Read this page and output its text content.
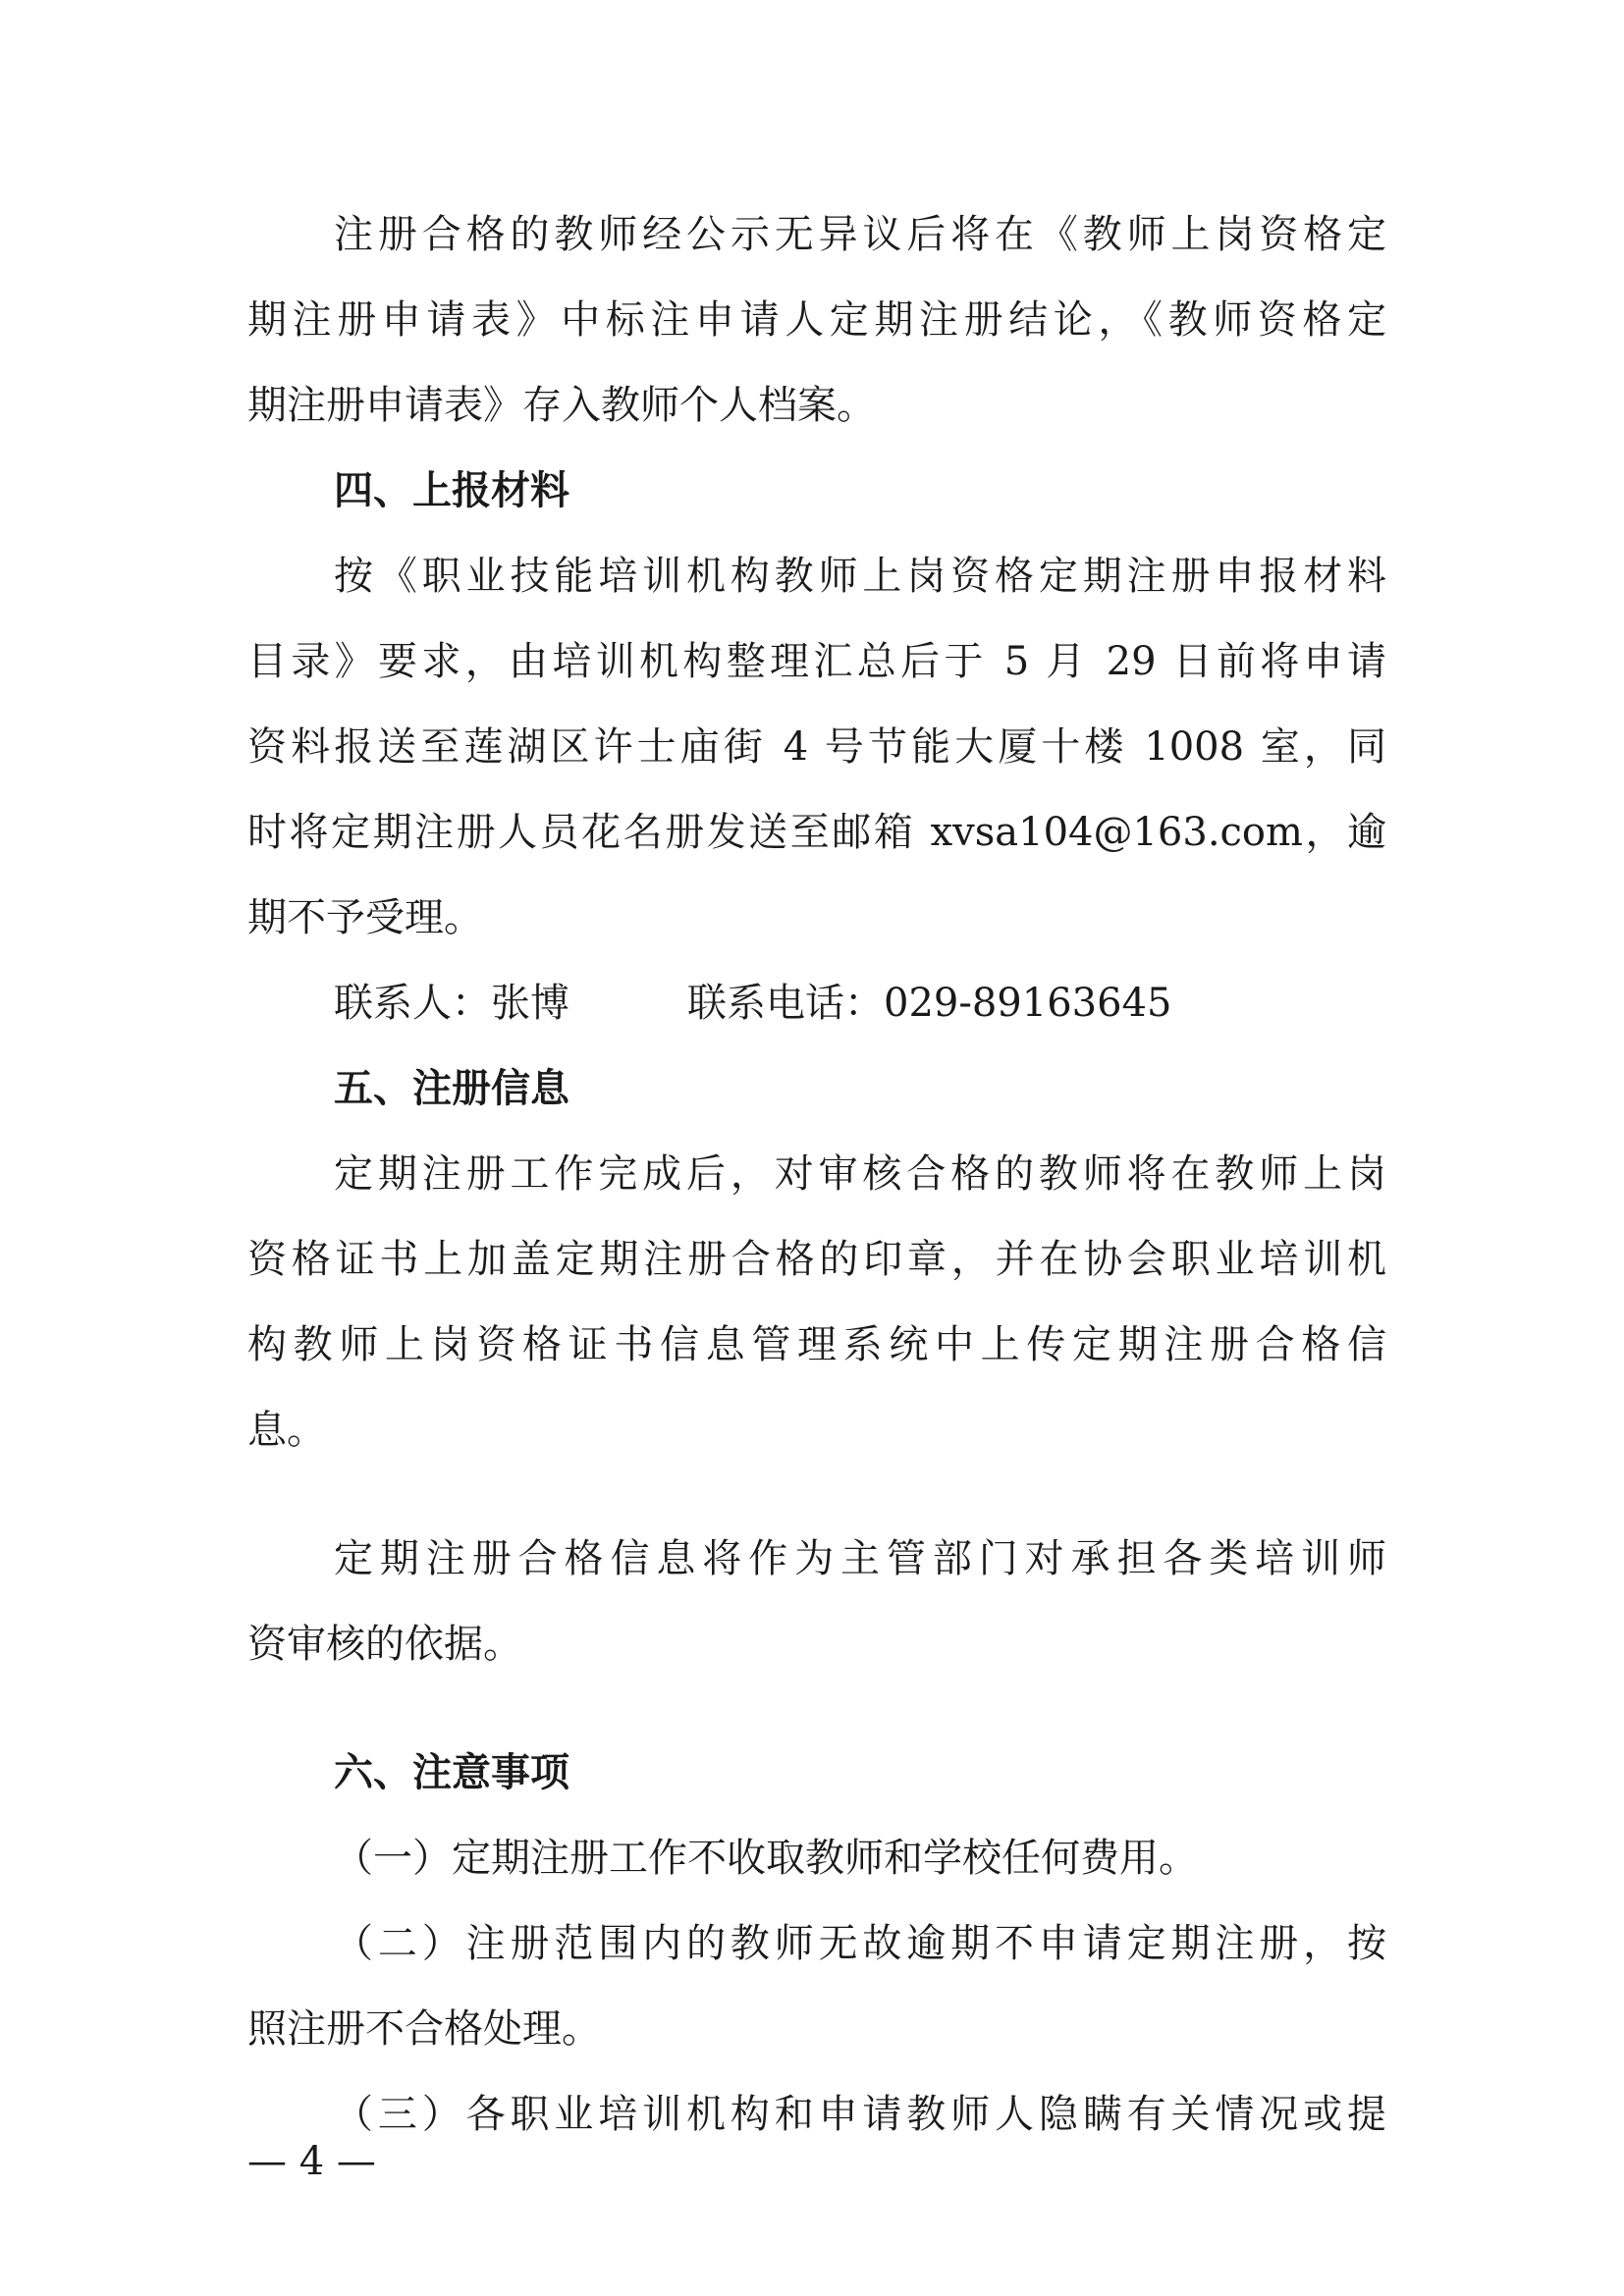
注册合格的教师经公示无异议后将在《教师上岗资格定
期注册申请表》中标注申请人定期注册结论，《教师资格定
期注册申请表》存入教师个人档案。
四、上报材料
按《职业技能培训机构教师上岗资格定期注册申报材料
目录》要求，由培训机构整理汇总后于 5 月 29 日前将申请
资料报送至莲湖区许士庙街 4 号节能大厦十楼 1008 室，同
时将定期注册人员花名册发送至邮箱 xvsa104@163.com，逾
期不予受理。
联系人：张博	联系电话：029-89163645
五、注册信息
定期注册工作完成后，对审核合格的教师将在教师上岗
资格证书上加盖定期注册合格的印章，并在协会职业培训机
构教师上岗资格证书信息管理系统中上传定期注册合格信
息。
定期注册合格信息将作为主管部门对承担各类培训师
资审核的依据。
六、注意事项
（一）定期注册工作不收取教师和学校任何费用。
（二）注册范围内的教师无故逾期不申请定期注册，按
照注册不合格处理。
（三）各职业培训机构和申请教师人隐瞒有关情况或提
— 4 —
